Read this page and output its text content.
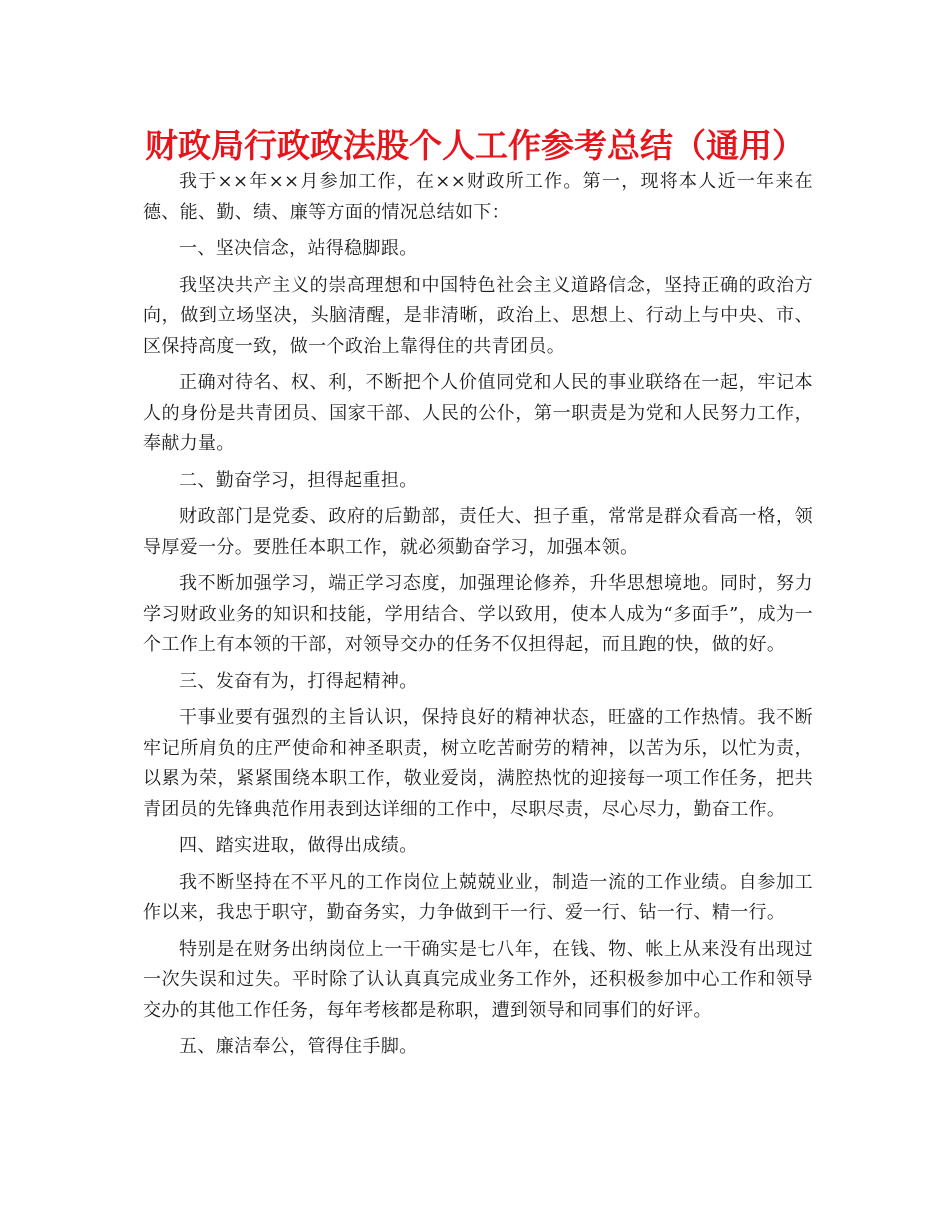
财政局行政政法股个人工作参考总结（通用）

我于××年××月参加工作，在××财政所工作。第一，现将本人近一年来在德、能、勤、绩、廉等方面的情况总结如下：

一、坚决信念，站得稳脚跟。

我坚决共产主义的崇高理想和中国特色社会主义道路信念，坚持正确的政治方向，做到立场坚决，头脑清醒，是非清晰，政治上、思想上、行动上与中央、市、区保持高度一致，做一个政治上靠得住的共青团员。

正确对待名、权、利，不断把个人价值同党和人民的事业联络在一起，牢记本人的身份是共青团员、国家干部、人民的公仆，第一职责是为党和人民努力工作，奉献力量。

二、勤奋学习，担得起重担。

财政部门是党委、政府的后勤部，责任大、担子重，常常是群众看高一格，领导厚爱一分。要胜任本职工作，就必须勤奋学习，加强本领。

我不断加强学习，端正学习态度，加强理论修养，升华思想境地。同时，努力学习财政业务的知识和技能，学用结合、学以致用，使本人成为“多面手”，成为一个工作上有本领的干部，对领导交办的任务不仅担得起，而且跑的快，做的好。

三、发奋有为，打得起精神。

干事业要有强烈的主旨认识，保持良好的精神状态，旺盛的工作热情。我不断牢记所肩负的庄严使命和神圣职责，树立吃苦耐劳的精神，以苦为乐，以忙为责，以累为荣，紧紧围绕本职工作，敬业爱岗，满腔热忱的迎接每一项工作任务，把共青团员的先锋典范作用表到达详细的工作中，尽职尽责，尽心尽力，勤奋工作。

四、踏实进取，做得出成绩。

我不断坚持在不平凡的工作岗位上兢兢业业，制造一流的工作业绩。自参加工作以来，我忠于职守，勤奋务实，力争做到干一行、爱一行、钻一行、精一行。

特别是在财务出纳岗位上一干确实是七八年，在钱、物、帐上从来没有出现过一次失误和过失。平时除了认认真真完成业务工作外，还积极参加中心工作和领导交办的其他工作任务，每年考核都是称职，遭到领导和同事们的好评。

五、廉洁奉公，管得住手脚。
